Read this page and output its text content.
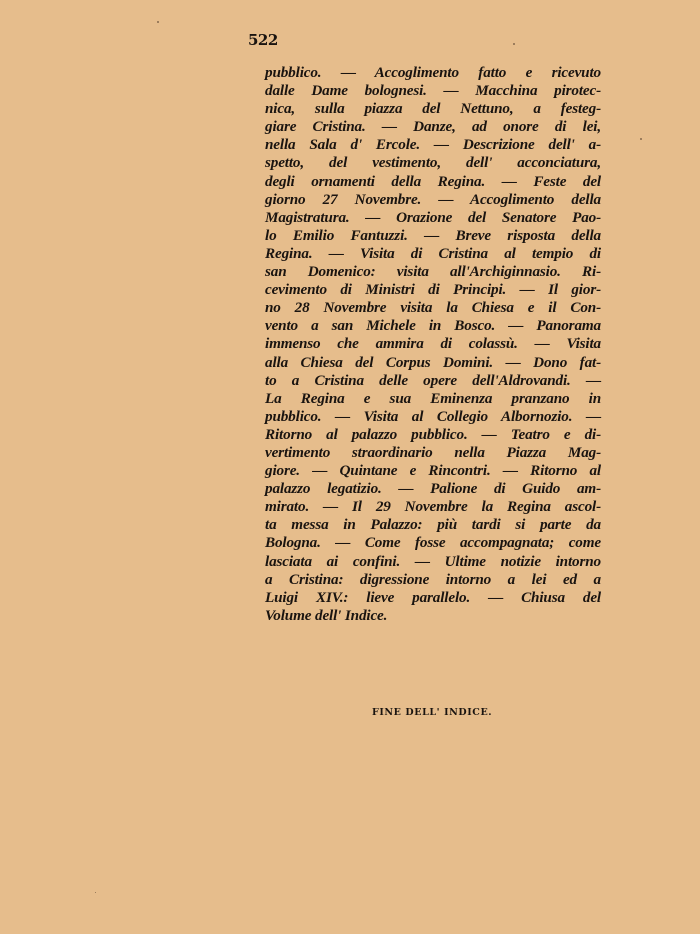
522
pubblico. — Accoglimento fatto e ricevuto
dalle Dame bolognesi. — Macchina pirotec-
nica, sulla piazza del Nettuno, a festeg-
giare Cristina. — Danze, ad onore di lei,
nella Sala d' Ercole. — Descrizione dell' a-
spetto, del vestimento, dell' acconciatura,
degli ornamenti della Regina. — Feste del
giorno 27 Novembre. — Accoglimento della
Magistratura. — Orazione del Senatore Pao-
lo Emilio Fantuzzi. — Breve risposta della
Regina. — Visita di Cristina al tempio di
san Domenico: visita all'Archiginnasio. Ri-
cevimento di Ministri di Principi. — Il gior-
no 28 Novembre visita la Chiesa e il Con-
vento a san Michele in Bosco. — Panorama
immenso che ammira di colassù. — Visita
alla Chiesa del Corpus Domini. — Dono fat-
to a Cristina delle opere dell'Aldrovandi. —
La Regina e sua Eminenza pranzano in
pubblico. — Visita al Collegio Albornozio. —
Ritorno al palazzo pubblico. — Teatro e di-
vertimento straordinario nella Piazza Mag-
giore. — Quintane e Rincontri. — Ritorno al
palazzo legatizio. — Palione di Guido am-
mirato. — Il 29 Novembre la Regina ascol-
ta messa in Palazzo: più tardi si parte da
Bologna. — Come fosse accompagnata; come
lasciata ai confini. — Ultime notizie intorno
a Cristina: digressione intorno a lei ed a
Luigi XIV.: lieve parallelo. — Chiusa del
Volume dell' Indice.
FINE DELL' INDICE.
